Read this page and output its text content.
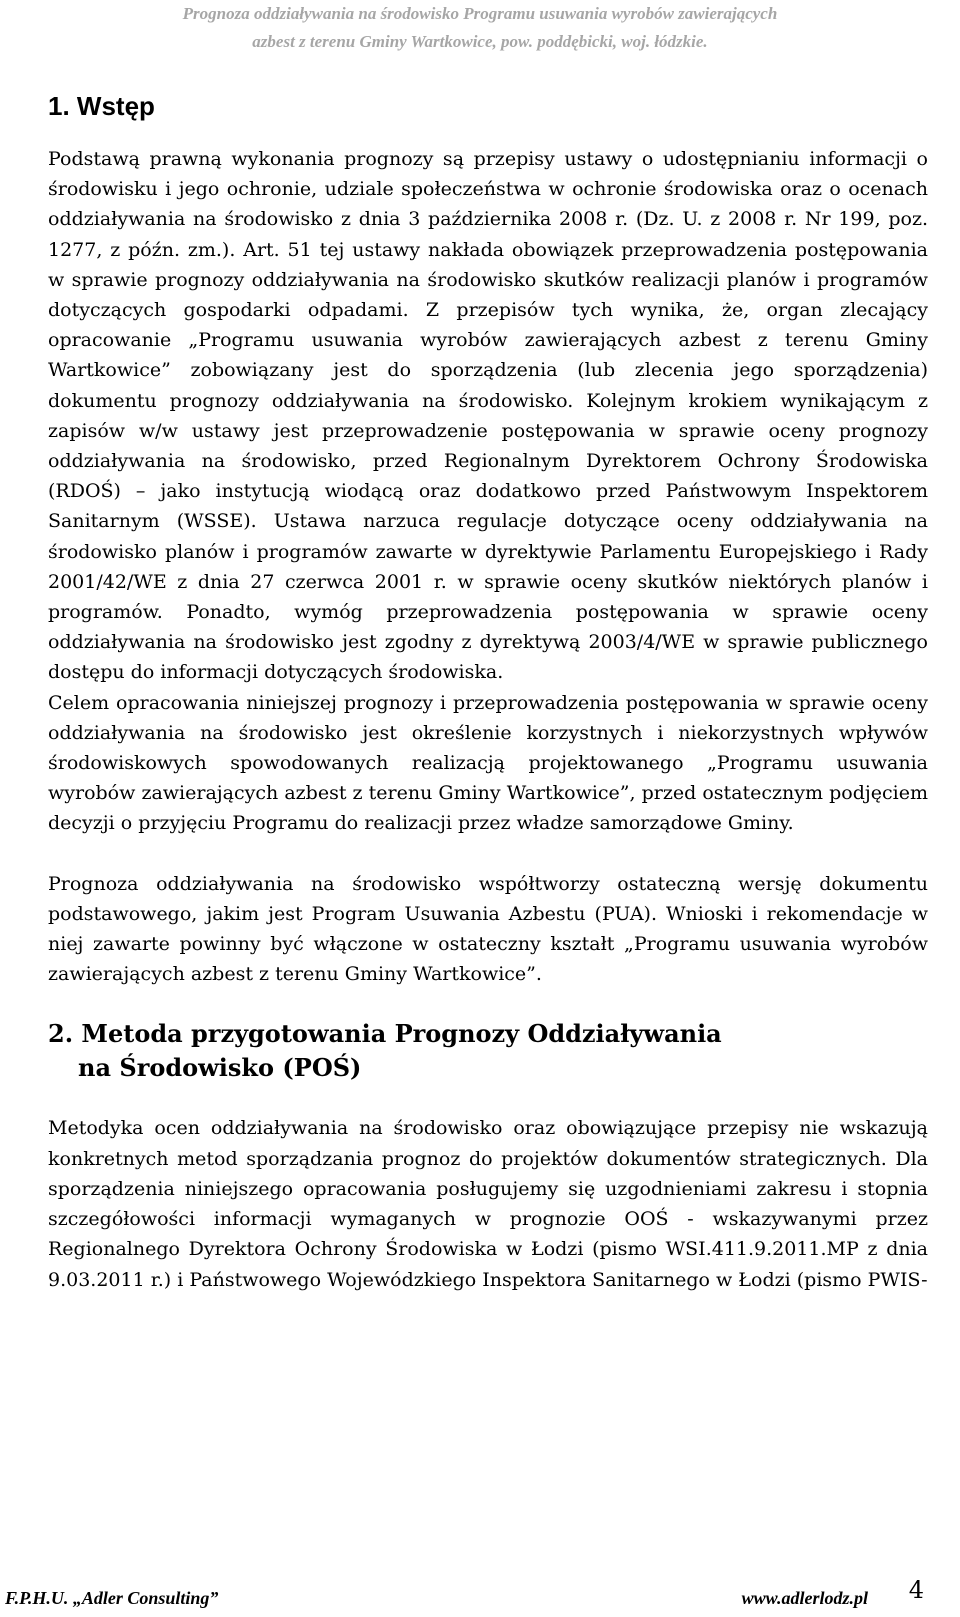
Prognoza oddziaływania na środowisko Programu usuwania wyrobów zawierających
azbest z terenu Gminy Wartkowice, pow. poddębicki, woj. łódzkie.
1. Wstęp

Podstawą prawną wykonania prognozy są przepisy ustawy o udostępnianiu informacji o środowisku i jego ochronie, udziale społeczeństwa w ochronie środowiska oraz o ocenach oddziaływania na środowisko z dnia 3 października 2008 r. (Dz. U. z 2008 r. Nr 199, poz. 1277, z późn. zm.). Art. 51 tej ustawy nakłada obowiązek przeprowadzenia postępowania w sprawie prognozy oddziaływania na środowisko skutków realizacji planów i programów dotyczących gospodarki odpadami. Z przepisów tych wynika, że, organ zlecający opracowanie „Programu usuwania wyrobów zawierających azbest z terenu Gminy Wartkowice” zobowiązany jest do sporządzenia (lub zlecenia jego sporządzenia) dokumentu prognozy oddziaływania na środowisko. Kolejnym krokiem wynikającym z zapisów w/w ustawy jest przeprowadzenie postępowania w sprawie oceny prognozy oddziaływania na środowisko, przed Regionalnym Dyrektorem Ochrony Środowiska (RDOŚ) – jako instytucją wiodącą oraz dodatkowo przed Państwowym Inspektorem Sanitarnym (WSSE). Ustawa narzuca regulacje dotyczące oceny oddziaływania na środowisko planów i programów zawarte w dyrektywie Parlamentu Europejskiego i Rady 2001/42/WE z dnia 27 czerwca 2001 r. w sprawie oceny skutków niektórych planów i programów. Ponadto, wymóg przeprowadzenia postępowania w sprawie oceny oddziaływania na środowisko jest zgodny z dyrektywą 2003/4/WE w sprawie publicznego dostępu do informacji dotyczących środowiska.

Celem opracowania niniejszej prognozy i przeprowadzenia postępowania w sprawie oceny oddziaływania na środowisko jest określenie korzystnych i niekorzystnych wpływów środowiskowych spowodowanych realizacją projektowanego „Programu usuwania wyrobów zawierających azbest z terenu Gminy Wartkowice”, przed ostatecznym podjęciem decyzji o przyjęciu Programu do realizacji przez władze samorządowe Gminy.

Prognoza oddziaływania na środowisko współtworzy ostateczną wersję dokumentu podstawowego, jakim jest Program Usuwania Azbestu (PUA). Wnioski i rekomendacje w niej zawarte powinny być włączone w ostateczny kształt „Programu usuwania wyrobów zawierających azbest z terenu Gminy Wartkowice”.

2. Metoda przygotowania Prognozy Oddziaływania
na Środowisko (POŚ)

Metodyka ocen oddziaływania na środowisko oraz obowiązujące przepisy nie wskazują konkretnych metod sporządzania prognoz do projektów dokumentów strategicznych. Dla sporządzenia niniejszego opracowania posługujemy się uzgodnieniami zakresu i stopnia szczegółowości informacji wymaganych w prognozie OOŚ - wskazywanymi przez Regionalnego Dyrektora Ochrony Środowiska w Łodzi (pismo WSI.411.9.2011.MP z dnia 9.03.2011 r.) i Państwowego Wojewódzkiego Inspektora Sanitarnego w Łodzi (pismo PWIS-

F.P.H.U. „Adler Consulting”	www.adlerlodz.pl 4
